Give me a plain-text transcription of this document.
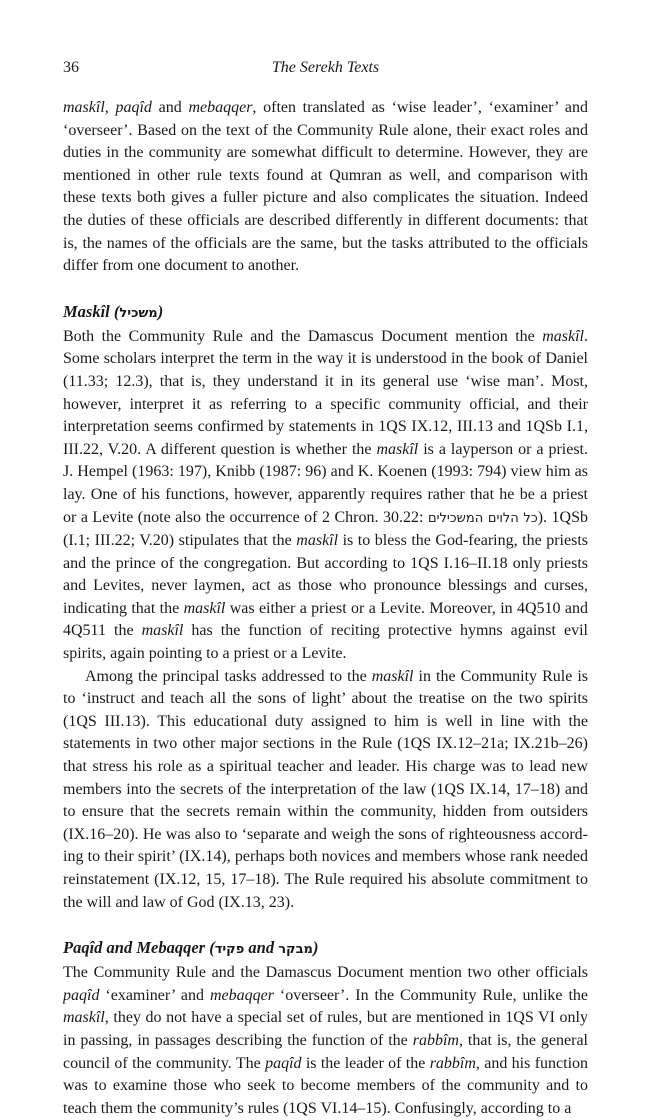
36	The Serekh Texts

maskîl, paqîd and mebaqqer, often translated as ‘wise leader’, ‘examiner’ and ‘overseer’. Based on the text of the Community Rule alone, their exact roles and duties in the community are somewhat difficult to determine. However, they are mentioned in other rule texts found at Qumran as well, and comparison with these texts both gives a fuller picture and also complicates the situation. Indeed the duties of these officials are described differently in different documents: that is, the names of the officials are the same, but the tasks attributed to the officials differ from one document to another.

Maskîl (משכיל)

Both the Community Rule and the Damascus Document mention the maskîl. Some scholars interpret the term in the way it is understood in the book of Daniel (11.33; 12.3), that is, they understand it in its general use ‘wise man’. Most, however, interpret it as referring to a specific community official, and their interpretation seems confirmed by statements in 1QS IX.12, III.13 and 1QSb I.1, III.22, V.20. A different question is whether the maskîl is a layperson or a priest. J. Hempel (1963: 197), Knibb (1987: 96) and K. Koenen (1993: 794) view him as lay. One of his functions, however, apparently requires rather that he be a priest or a Levite (note also the occurrence of 2 Chron. 30.22: כל הלוים המשכילים). 1QSb (I.1; III.22; V.20) stipulates that the maskîl is to bless the God-fearing, the priests and the prince of the congregation. But according to 1QS I.16–II.18 only priests and Levites, never laymen, act as those who pronounce blessings and curses, indicating that the maskîl was either a priest or a Levite. Moreover, in 4Q510 and 4Q511 the maskîl has the function of reciting protective hymns against evil spirits, again pointing to a priest or a Levite.

Among the principal tasks addressed to the maskîl in the Community Rule is to ‘instruct and teach all the sons of light’ about the treatise on the two spirits (1QS III.13). This educational duty assigned to him is well in line with the statements in two other major sections in the Rule (1QS IX.12–21a; IX.21b–26) that stress his role as a spiritual teacher and leader. His charge was to lead new members into the secrets of the interpretation of the law (1QS IX.14, 17–18) and to ensure that the secrets remain within the community, hidden from outsiders (IX.16–20). He was also to ‘separate and weigh the sons of righteousness accord-ing to their spirit’ (IX.14), perhaps both novices and members whose rank needed reinstatement (IX.12, 15, 17–18). The Rule required his absolute commitment to the will and law of God (IX.13, 23).

Paqîd and Mebaqqer (פקיד and מבקר)

The Community Rule and the Damascus Document mention two other officials paqîd ‘examiner’ and mebaqqer ‘overseer’. In the Community Rule, unlike the maskîl, they do not have a special set of rules, but are mentioned in 1QS VI only in passing, in passages describing the function of the rabbîm, that is, the general council of the community. The paqîd is the leader of the rabbîm, and his function was to examine those who seek to become members of the community and to teach them the community’s rules (1QS VI.14–15). Confusingly, according to a
